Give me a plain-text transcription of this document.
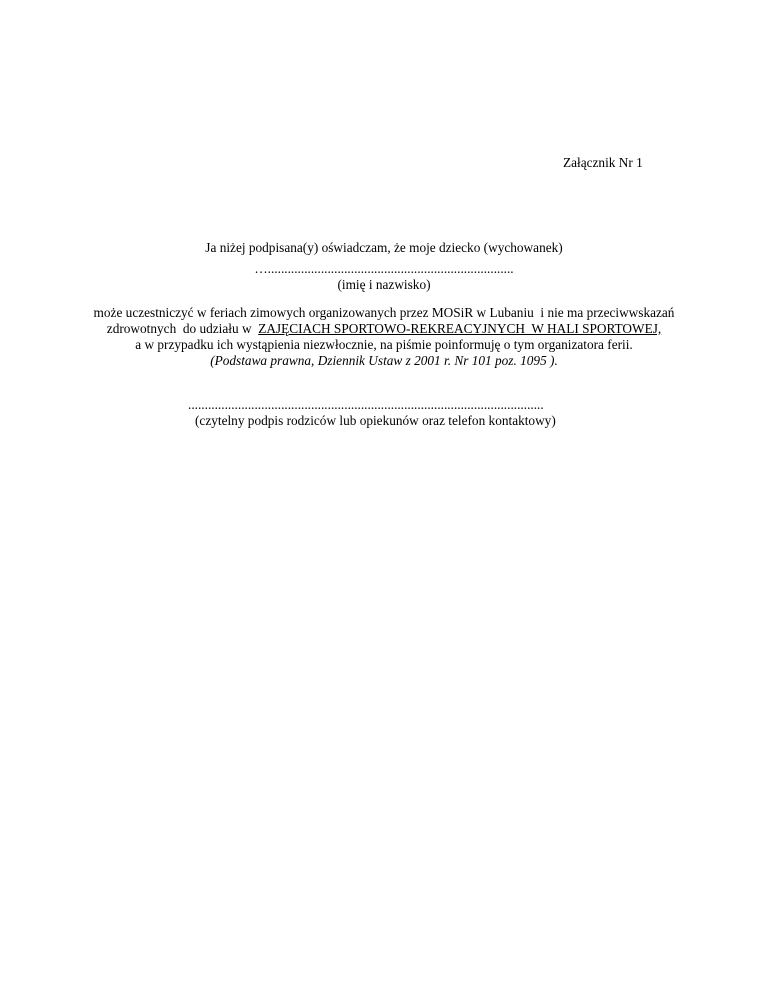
Załącznik Nr 1
Ja niżej podpisana(y) oświadczam, że moje dziecko (wychowanek)
…..........................................................................
(imię i nazwisko)
może uczestniczyć w feriach zimowych organizowanych przez MOSiR w Lubaniu  i nie ma przeciwwskazań
zdrowotnych  do udziału w  ZAJĘCIACH SPORTOWO-REKREACYJNYCH  W HALI SPORTOWEJ,
a w przypadku ich wystąpienia niezwłocznie, na piśmie poinformuję o tym organizatora ferii.
(Podstawa prawna, Dziennik Ustaw z 2001 r. Nr 101 poz. 1095 ).
...........................................................................................................
(czytelny podpis rodziców lub opiekunów oraz telefon kontaktowy)
